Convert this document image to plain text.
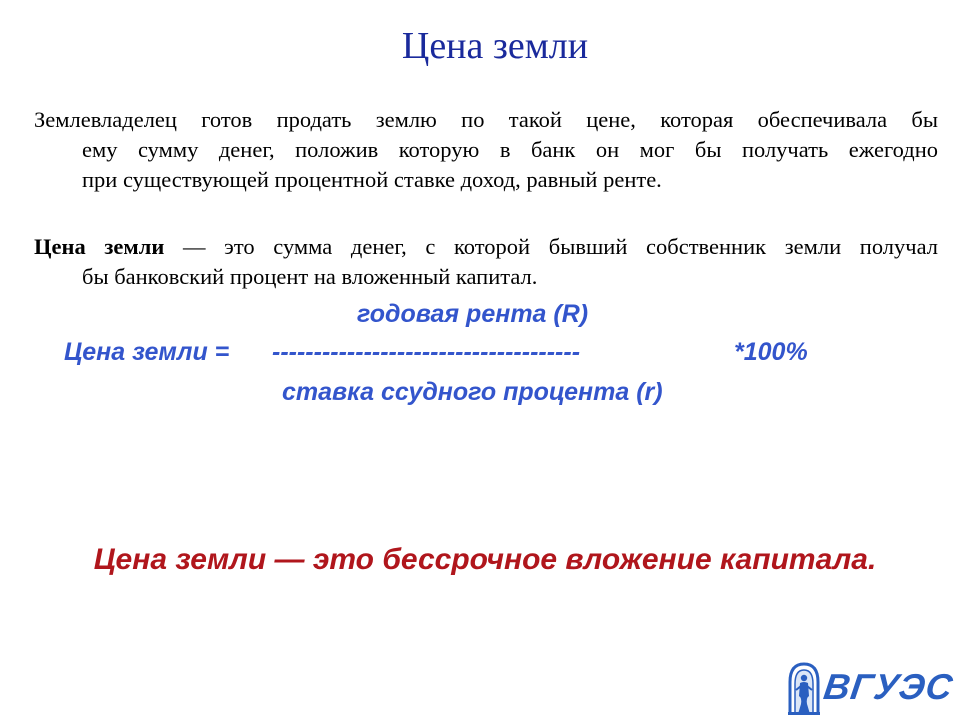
Цена земли
Землевладелец готов продать землю по такой цене, которая обеспечивала бы
ему сумму денег, положив которую в банк он мог бы получать ежегодно
при существующей процентной ставке доход, равный ренте.
Цена земли — это сумма денег, с которой бывший собственник земли получал
бы банковский процент на вложенный капитал.
годовая рента (R)
Цена земли = -------------------------------------	*100%
ставка ссудного процента (r)
Цена земли — это бессрочное вложение капитала.
ВГУЭС
